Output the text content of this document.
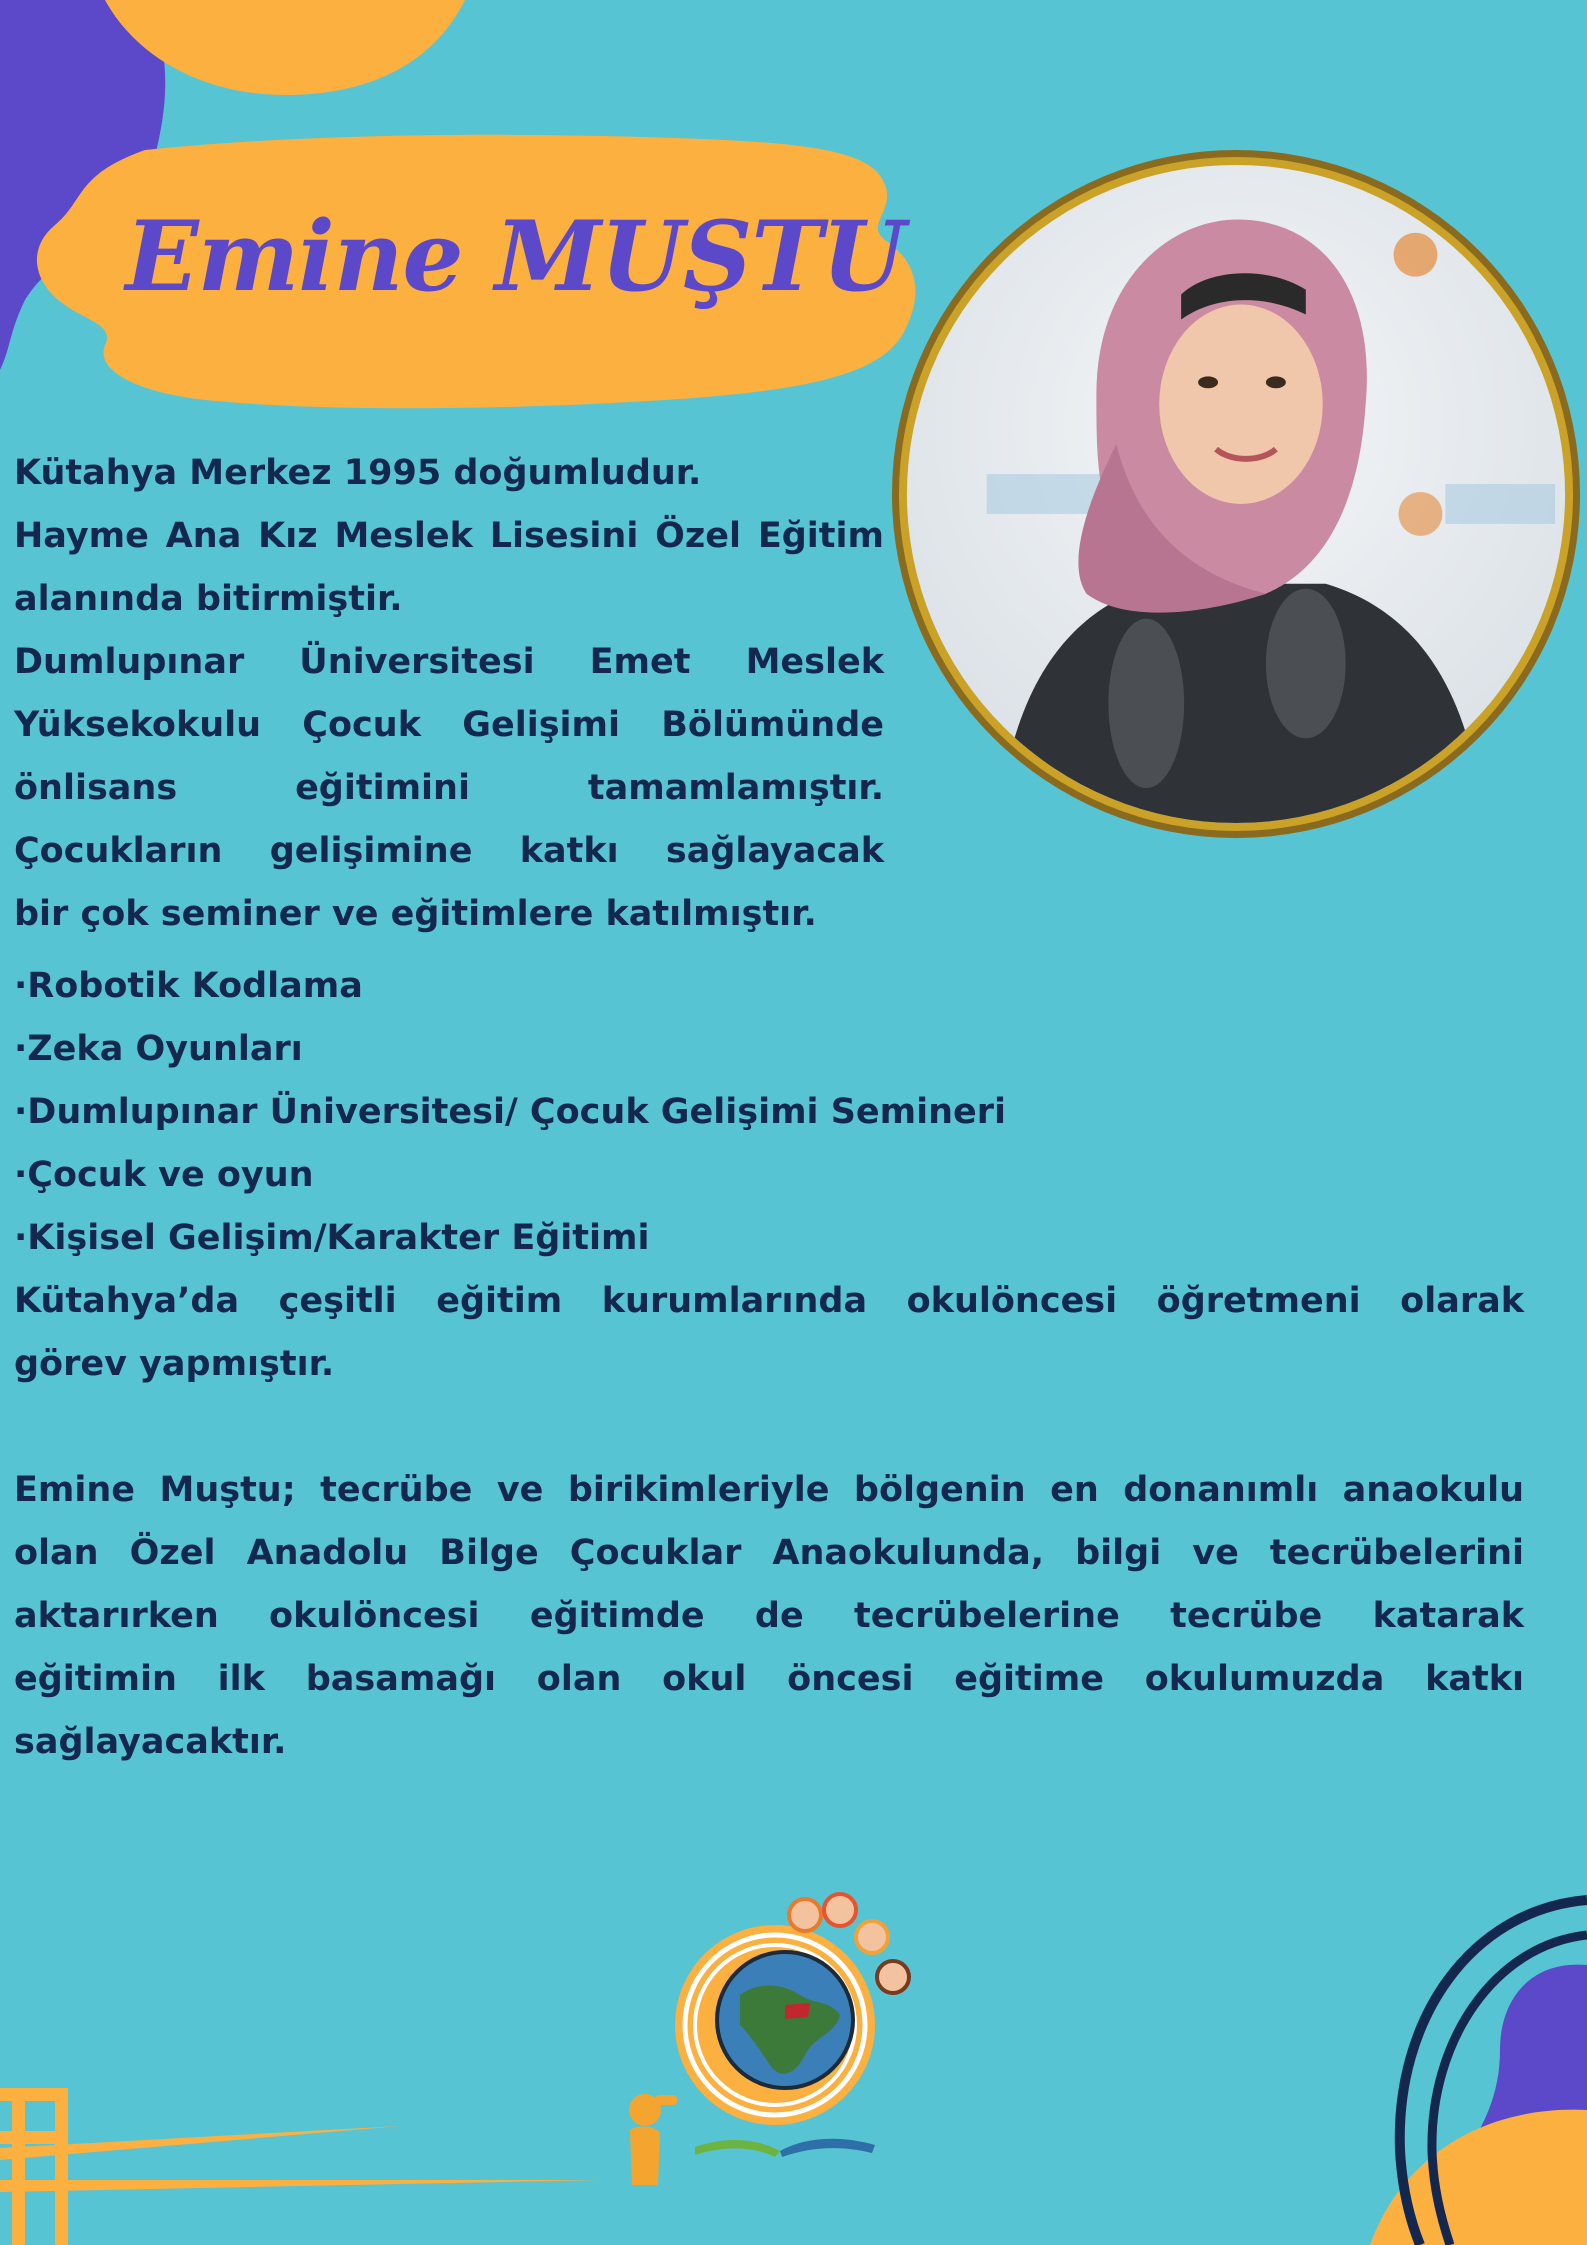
Emine MUŞTU
Kütahya Merkez 1995 doğumludur.
Hayme Ana Kız Meslek Lisesini Özel Eğitim
alanında bitirmiştir.
Dumlupınar Üniversitesi Emet Meslek
Yüksekokulu Çocuk Gelişimi Bölümünde
önlisans eğitimini tamamlamıştır.
Çocukların gelişimine katkı sağlayacak
bir çok seminer ve eğitimlere katılmıştır.
·Robotik Kodlama
·Zeka Oyunları
·Dumlupınar Üniversitesi/ Çocuk Gelişimi Semineri
·Çocuk ve oyun
·Kişisel Gelişim/Karakter Eğitimi
Kütahya’da çeşitli eğitim kurumlarında okulöncesi öğretmeni olarak
görev yapmıştır.
Emine Muştu; tecrübe ve birikimleriyle bölgenin en donanımlı anaokulu
olan Özel Anadolu Bilge Çocuklar Anaokulunda, bilgi ve tecrübelerini
aktarırken okulöncesi eğitimde de tecrübelerine tecrübe katarak
eğitimin ilk basamağı olan okul öncesi eğitime okulumuzda katkı
sağlayacaktır.
